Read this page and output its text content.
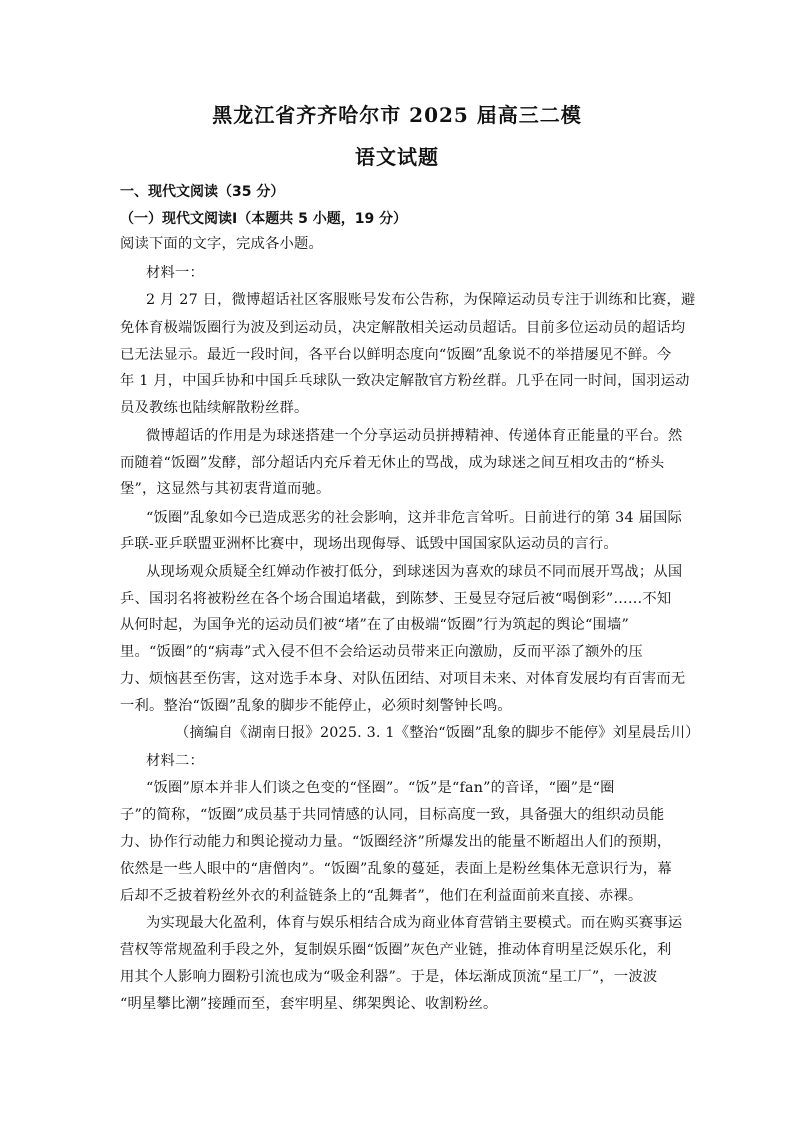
黑龙江省齐齐哈尔市 2025 届高三二模
语文试题
一、现代文阅读（35 分）
（一）现代文阅读Ⅰ（本题共 5 小题，19 分）
阅读下面的文字，完成各小题。
材料一：
2 月 27 日，微博超话社区客服账号发布公告称，为保障运动员专注于训练和比赛，避
免体育极端饭圈行为波及到运动员，决定解散相关运动员超话。目前多位运动员的超话均
已无法显示。最近一段时间，各平台以鲜明态度向“饭圈”乱象说不的举措屡见不鲜。今
年 1 月，中国乒协和中国乒乓球队一致决定解散官方粉丝群。几乎在同一时间，国羽运动
员及教练也陆续解散粉丝群。
微博超话的作用是为球迷搭建一个分享运动员拼搏精神、传递体育正能量的平台。然
而随着“饭圈”发酵，部分超话内充斥着无休止的骂战，成为球迷之间互相攻击的“桥头
堡”，这显然与其初衷背道而驰。
“饭圈”乱象如今已造成恶劣的社会影响，这并非危言耸听。日前进行的第 34 届国际
乒联-亚乒联盟亚洲杯比赛中，现场出现侮辱、诋毁中国国家队运动员的言行。
从现场观众质疑全红婵动作被打低分，到球迷因为喜欢的球员不同而展开骂战；从国
乒、国羽名将被粉丝在各个场合围追堵截，到陈梦、王曼昱夺冠后被“喝倒彩”……不知
从何时起，为国争光的运动员们被“堵”在了由极端“饭圈”行为筑起的舆论“围墙”
里。“饭圈”的“病毒”式入侵不但不会给运动员带来正向激励，反而平添了额外的压
力、烦恼甚至伤害，这对选手本身、对队伍团结、对项目未来、对体育发展均有百害而无
一利。整治“饭圈”乱象的脚步不能停止，必须时刻警钟长鸣。
（摘编自《湖南日报》2025. 3. 1《整治“饭圈”乱象的脚步不能停》刘星晨岳川）
材料二：
“饭圈”原本并非人们谈之色变的“怪圈”。“饭”是“fan”的音译，“圈”是“圈
子”的简称，“饭圈”成员基于共同情感的认同，目标高度一致，具备强大的组织动员能
力、协作行动能力和舆论搅动力量。“饭圈经济”所爆发出的能量不断超出人们的预期，
依然是一些人眼中的“唐僧肉”。“饭圈”乱象的蔓延，表面上是粉丝集体无意识行为，幕
后却不乏披着粉丝外衣的利益链条上的“乱舞者”，他们在利益面前来直接、赤裸。
为实现最大化盈利，体育与娱乐相结合成为商业体育营销主要模式。而在购买赛事运
营权等常规盈利手段之外，复制娱乐圈“饭圈”灰色产业链，推动体育明星泛娱乐化，利
用其个人影响力圈粉引流也成为“吸金利器”。于是，体坛渐成顶流“星工厂”，一波波
“明星攀比潮”接踵而至，套牢明星、绑架舆论、收割粉丝。
